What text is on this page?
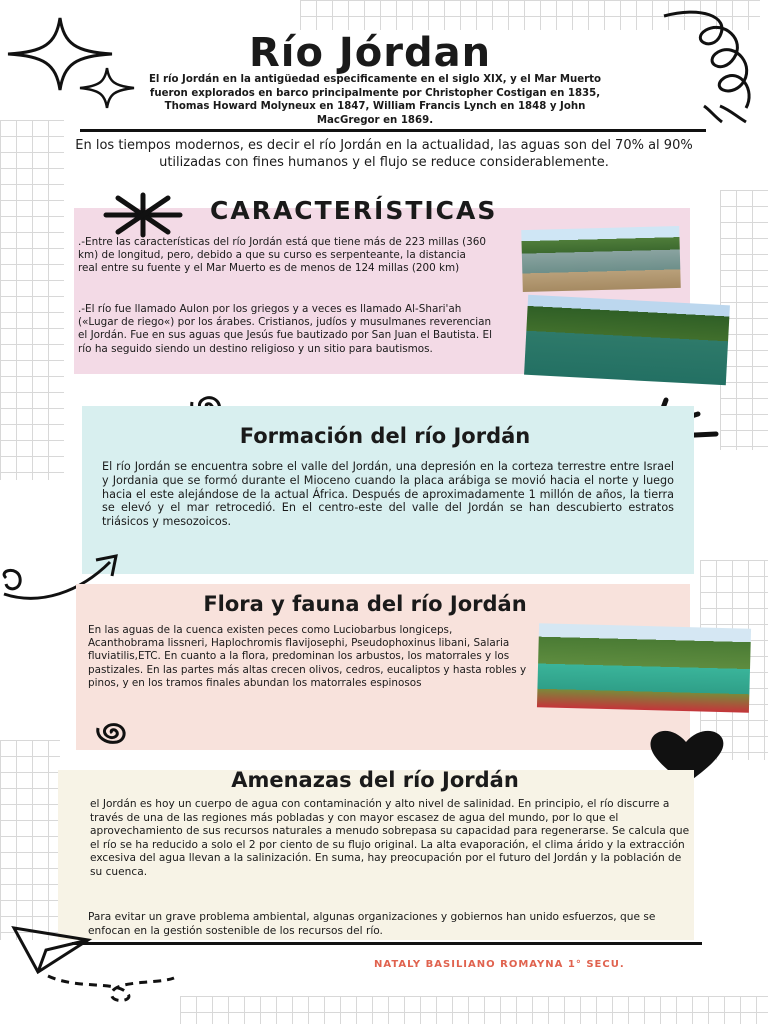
Río Jórdan
El río Jordán en la antigüedad especificamente en el siglo XIX, y el Mar Muerto fueron explorados en barco principalmente por Christopher Costigan en 1835, Thomas Howard Molyneux en 1847, William Francis Lynch en 1848 y John MacGregor en 1869.
En los tiempos modernos, es decir el río Jordán en la actualidad, las aguas son del 70% al 90% utilizadas con fines humanos y el flujo se reduce considerablemente.
CARACTERÍSTICAS
.-Entre las características del río Jordán está que tiene más de 223 millas (360 km) de longitud, pero, debido a que su curso es serpenteante, la distancia real entre su fuente y el Mar Muerto es de menos de 124 millas (200 km)
.-El río fue llamado Aulon por los griegos y a veces es llamado Al-Shari'ah («Lugar de riego«) por los árabes. Cristianos, judíos y musulmanes reverencian el Jordán. Fue en sus aguas que Jesús fue bautizado por San Juan el Bautista. El río ha seguido siendo un destino religioso y un sitio para bautismos.
Formación del río Jordán
El río Jordán se encuentra sobre el valle del Jordán, una depresión en la corteza terrestre entre Israel y Jordania que se formó durante el Mioceno cuando la placa arábiga se movió hacia el norte y luego hacia el este alejándose de la actual África. Después de aproximadamente 1 millón de años, la tierra se elevó y el mar retrocedió. En el centro-este del valle del Jordán se han descubierto estratos triásicos y mesozoicos.
Flora y fauna del río Jordán
En las aguas de la cuenca existen peces como Luciobarbus longiceps, Acanthobrama lissneri, Haplochromis flavijosephi, Pseudophoxinus libani, Salaria fluviatilis,ETC. En cuanto a la flora, predominan los arbustos, los matorrales y los pastizales. En las partes más altas crecen olivos, cedros, eucaliptos y hasta robles y pinos, y en los tramos finales abundan los matorrales espinosos
Amenazas del río Jordán
el Jordán es hoy un cuerpo de agua con contaminación y alto nivel de salinidad. En principio, el río discurre a través de una de las regiones más pobladas y con mayor escasez de agua del mundo, por lo que el aprovechamiento de sus recursos naturales a menudo sobrepasa su capacidad para regenerarse. Se calcula que el río se ha reducido a solo el 2 por ciento de su flujo original. La alta evaporación, el clima árido y la extracción excesiva del agua llevan a la salinización. En suma, hay preocupación por el futuro del Jordán y la población de su cuenca.
Para evitar un grave problema ambiental, algunas organizaciones y gobiernos han unido esfuerzos, que se enfocan en la gestión sostenible de los recursos del río.
NATALY BASILIANO ROMAYNA 1° SECU.
